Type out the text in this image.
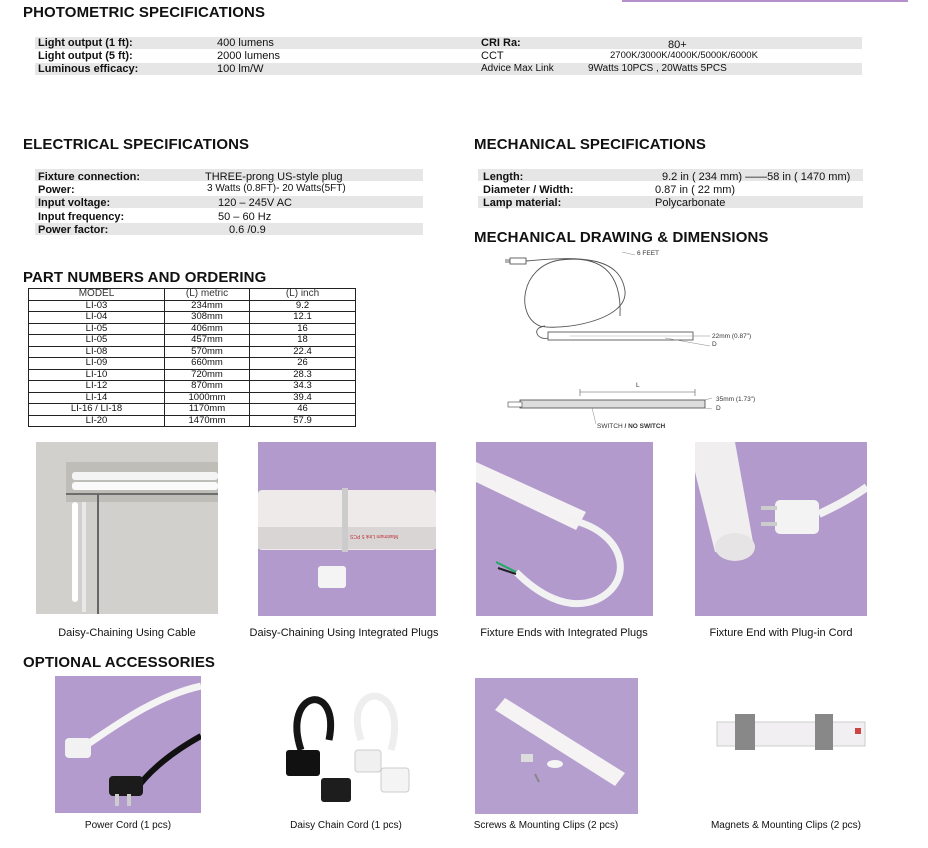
PHOTOMETRIC SPECIFICATIONS
Light output (1 ft):	400 lumens	CRI Ra:	80+
Light output (5 ft):	2000 lumens	CCT	2700K/3000K/4000K/5000K/6000K
Luminous efficacy:	100 lm/W	Advice Max Link	9Watts 10PCS , 20Watts 5PCS
ELECTRICAL SPECIFICATIONS
Fixture connection:	THREE-prong US-style plug
Power:	3 Watts (0.8FT)- 20 Watts(5FT)
Input voltage:	120 – 245V AC
Input frequency:	50 – 60 Hz
Power factor:	0.6 /0.9
MECHANICAL SPECIFICATIONS
Length:	9.2 in ( 234 mm) ——58 in ( 1470 mm)
Diameter / Width:	0.87 in ( 22 mm)
Lamp material:	Polycarbonate
MECHANICAL DRAWING & DIMENSIONS
6 FEET
22mm (0.87")
D
L
35mm (1.73")
D
SWITCH / NO SWITCH
PART NUMBERS AND ORDERING
MODEL	(L) metric	(L) inch
LI-03	234mm	9.2
LI-04	308mm	12.1
LI-05	406mm	16
LI-05	457mm	18
LI-08	570mm	22.4
LI-09	660mm	26
LI-10	720mm	28.3
LI-12	870mm	34.3
LI-14	1000mm	39.4
LI-16 / LI-18	1170mm	46
LI-20	1470mm	57.9
Maximum Link 5 PCS
Daisy-Chaining Using Cable	Daisy-Chaining Using Integrated Plugs	Fixture Ends with Integrated Plugs	Fixture End with Plug-in Cord
OPTIONAL ACCESSORIES
Power Cord (1 pcs)	Daisy Chain Cord (1 pcs)	Screws & Mounting Clips (2 pcs)	Magnets & Mounting Clips (2 pcs)
